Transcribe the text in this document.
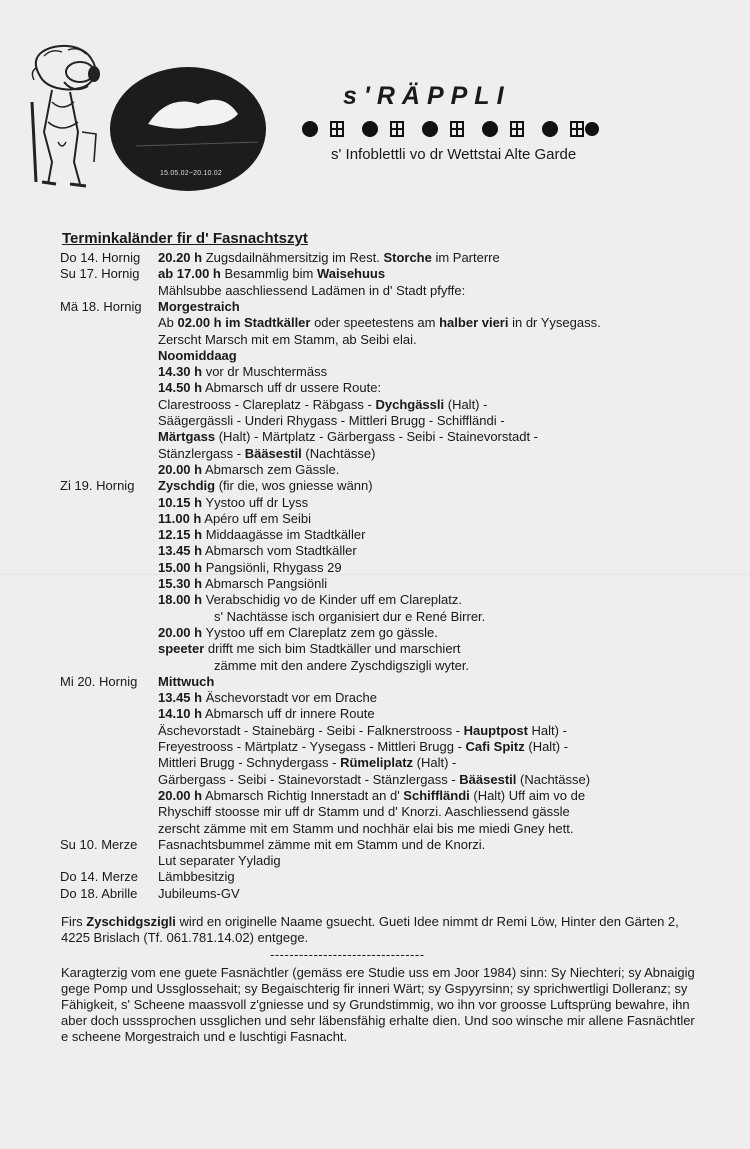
15.05.02~20.10.02
s'RÄPPLI
s' Infoblettli vo dr Wettstai Alte Garde
Terminkaländer fir d' Fasnachtszyt
Do 14. Hornig 20.20 h Zugsdailnähmersitzig im Rest. Storche im Parterre
Su 17. Hornig ab 17.00 h Besammlig bim Waisehuus
Mählsubbe aaschliessend Ladämen in d' Stadt pfyffe:
Mä 18. Hornig Morgestraich
Ab 02.00 h im Stadtkäller oder speetestens am halber vieri in dr Yysegass.
Zerscht Marsch mit em Stamm, ab Seibi elai.
Noomiddaag
14.30 h vor dr Muschtermäss
14.50 h Abmarsch uff dr ussere Route:
Clarestrooss - Clareplatz - Räbgass - Dychgässli (Halt) -
Säägergässli - Underi Rhygass - Mittleri Brugg - Schiffländi -
Märtgass (Halt) - Märtplatz - Gärbergass - Seibi - Stainevorstadt -
Stänzlergass - Bääsestil (Nachtässe)
20.00 h Abmarsch zem Gässle.
Zi 19. Hornig Zyschdig (fir die, wos gniesse wänn)
10.15 h Yystoo uff dr Lyss
11.00 h Apéro uff em Seibi
12.15 h Middaagässe im Stadtkäller
13.45 h Abmarsch vom Stadtkäller
15.00 h Pangsiönli, Rhygass 29
15.30 h Abmarsch Pangsiönli
18.00 h Verabschidig vo de Kinder uff em Clareplatz.
s' Nachtässe isch organisiert dur e René Birrer.
20.00 h Yystoo uff em Clareplatz zem go gässle.
speeter drifft me sich bim Stadtkäller und marschiert
zämme mit den andere Zyschdigszigli wyter.
Mi 20. Hornig Mittwuch
13.45 h Äschevorstadt vor em Drache
14.10 h Abmarsch uff dr innere Route
Äschevorstadt - Stainebärg - Seibi - Falknerstrooss - Hauptpost Halt) -
Freyestrooss - Märtplatz - Yysegass - Mittleri Brugg - Cafi Spitz (Halt) -
Mittleri Brugg - Schnydergass - Rümeliplatz (Halt) -
Gärbergass - Seibi - Stainevorstadt - Stänzlergass - Bääsestil (Nachtässe)
20.00 h Abmarsch Richtig Innerstadt an d' Schiffländi (Halt) Uff aim vo de
Rhyschiff stoosse mir uff dr Stamm und d' Knorzi. Aaschliessend gässle
zerscht zämme mit em Stamm und nochhär elai bis me miedi Gney hett.
Su 10. Merze Fasnachtsbummel zämme mit em Stamm und de Knorzi.
Lut separater Yyladig
Do 14. Merze Lämbbesitzig
Do 18. Abrille Jubileums-GV
Firs Zyschidgszigli wird en originelle Naame gsuecht. Gueti Idee nimmt dr Remi Löw, Hinter den Gärten 2, 4225 Brislach (Tf. 061.781.14.02) entgege.
--------------------------------
Karagterzig vom ene guete Fasnächtler (gemäss ere Studie uss em Joor 1984) sinn: Sy Niechteri; sy Abnaigig gege Pomp und Ussglossehait; sy Begaischterig fir inneri Wärt; sy Gspyyrsinn; sy sprichwertligi Dolleranz; sy Fähigkeit, s' Scheene maassvoll z'gniesse und sy Grundstimmig, wo ihn vor groosse Luftsprüng bewahre, ihn aber doch usssprochen ussglichen und sehr läbensfähig erhalte dien. Und soo winsche mir allene Fasnächtler e scheene Morgestraich und e luschtigi Fasnacht.
